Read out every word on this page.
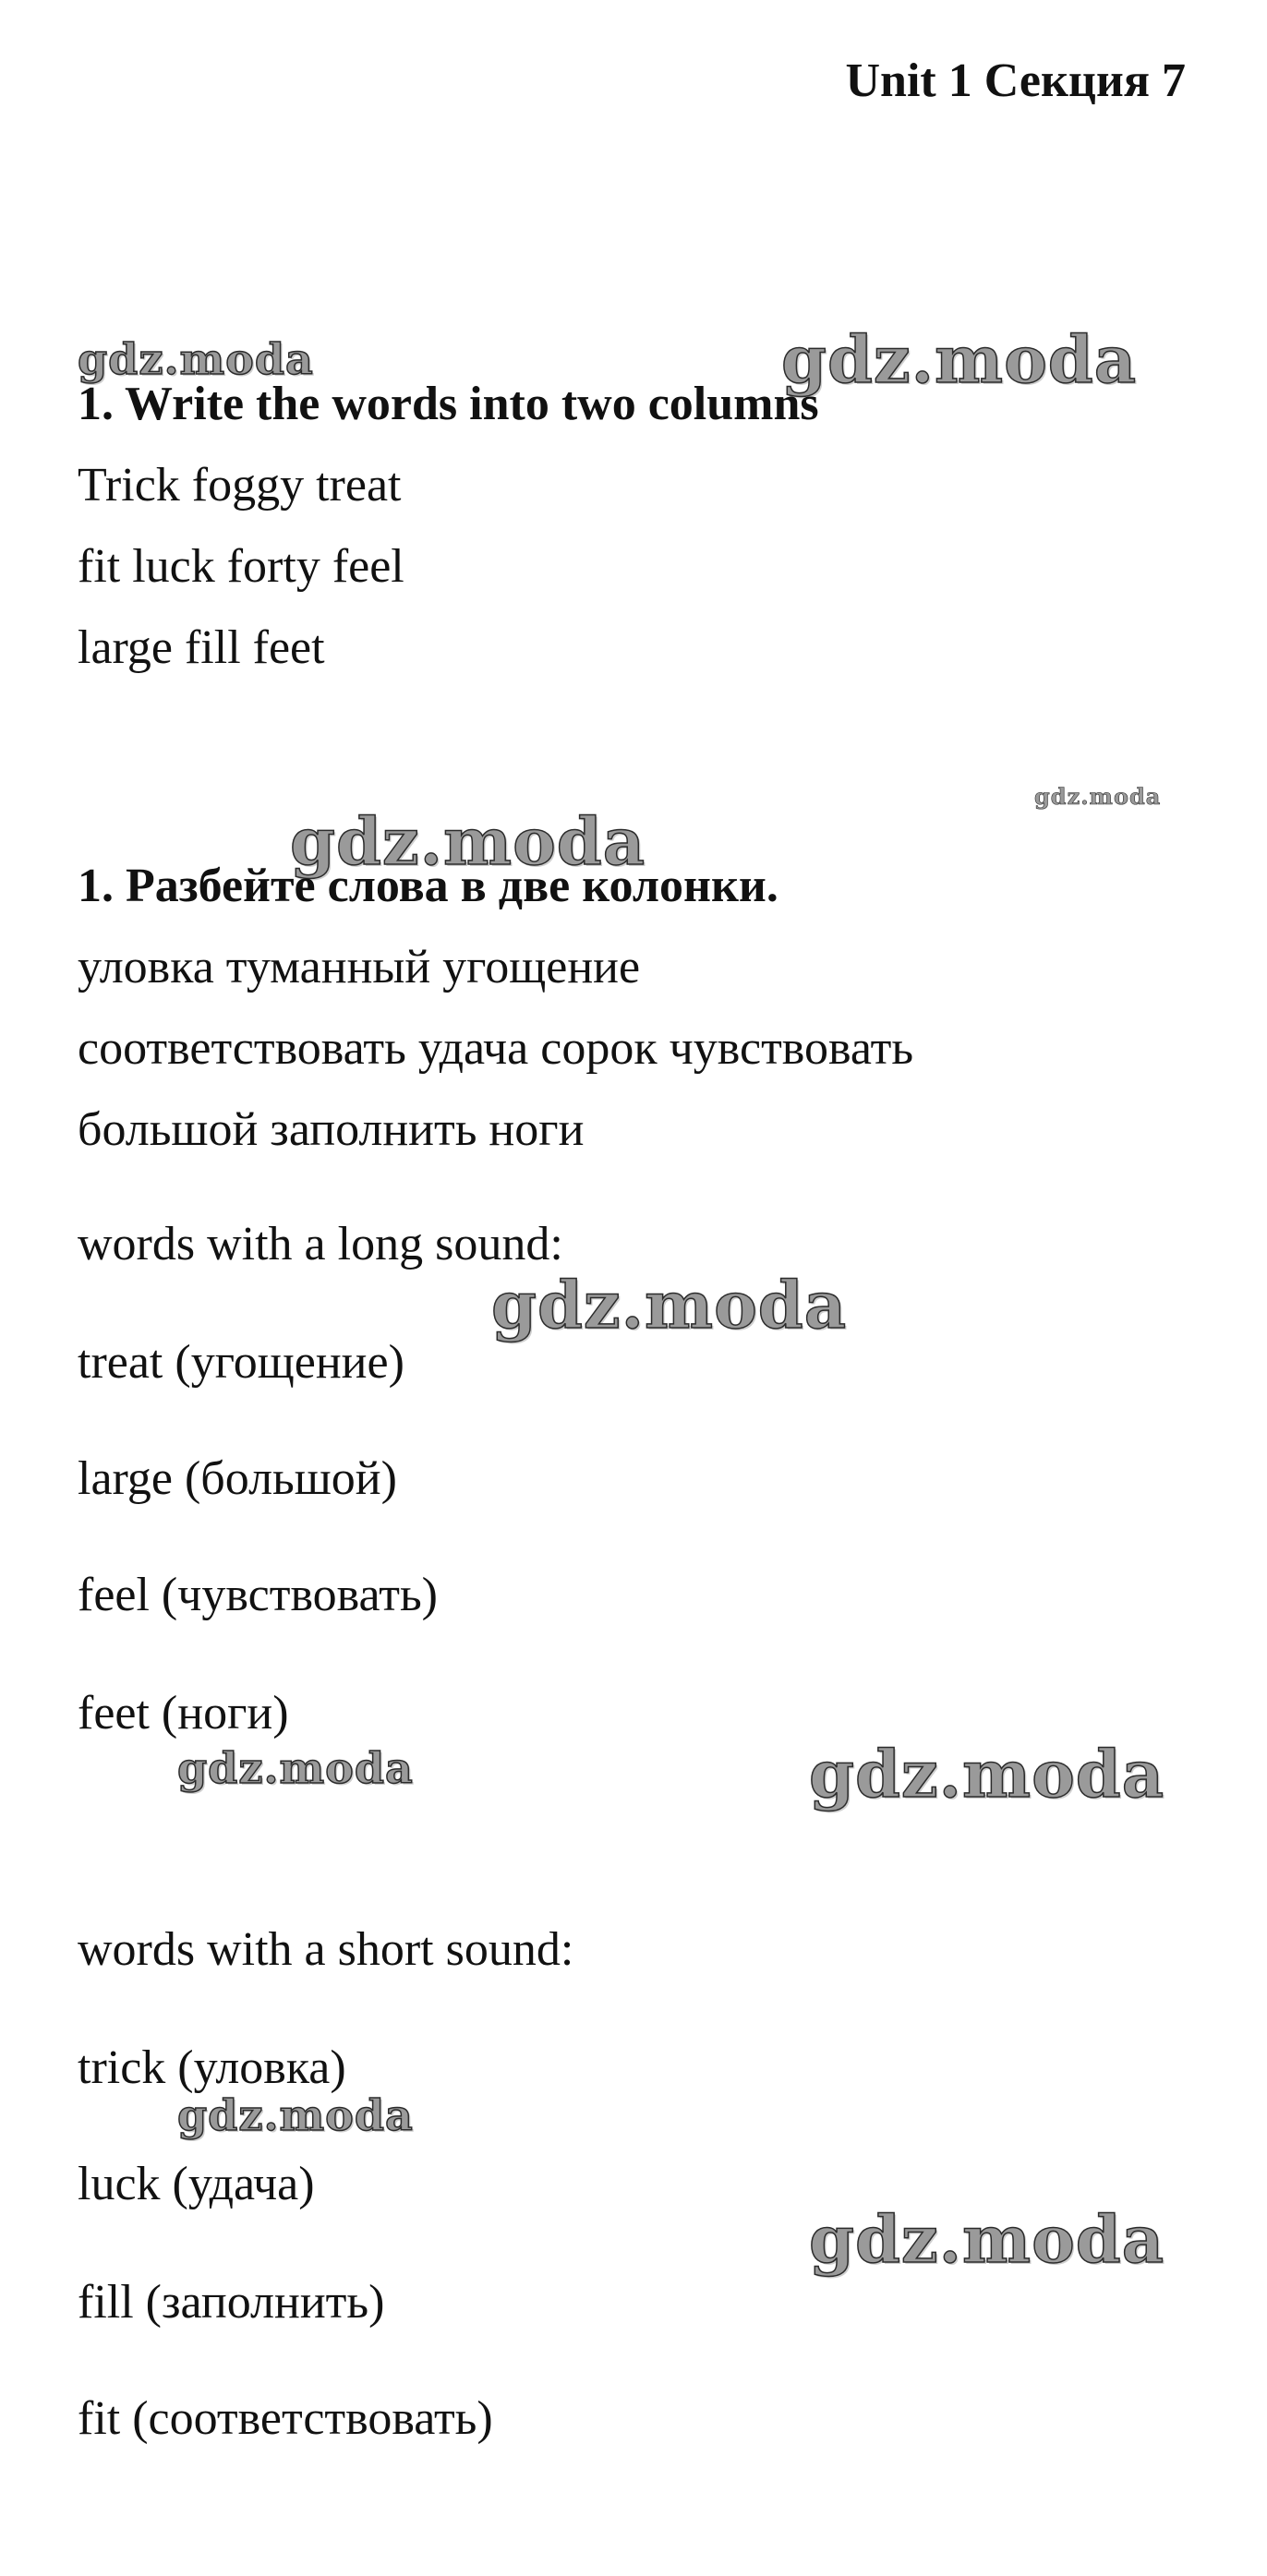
Unit 1 Секция 7
gdz.moda	gdz.moda
gdz.moda
gdz.moda
gdz.moda
gdz.moda	gdz.moda
gdz.moda
gdz.moda
1. Write the words into two columns
Trick foggy treat
fit luck forty feel
large fill feet
1. Разбейте слова в две колонки.
уловка туманный угощение
соответствовать удача сорок чувствовать
большой заполнить ноги
words with a long sound:
treat (угощение)
large (большой)
feel (чувствовать)
feet (ноги)
words with a short sound:
trick (уловка)
luck (удача)
fill (заполнить)
fit (соответствовать)
